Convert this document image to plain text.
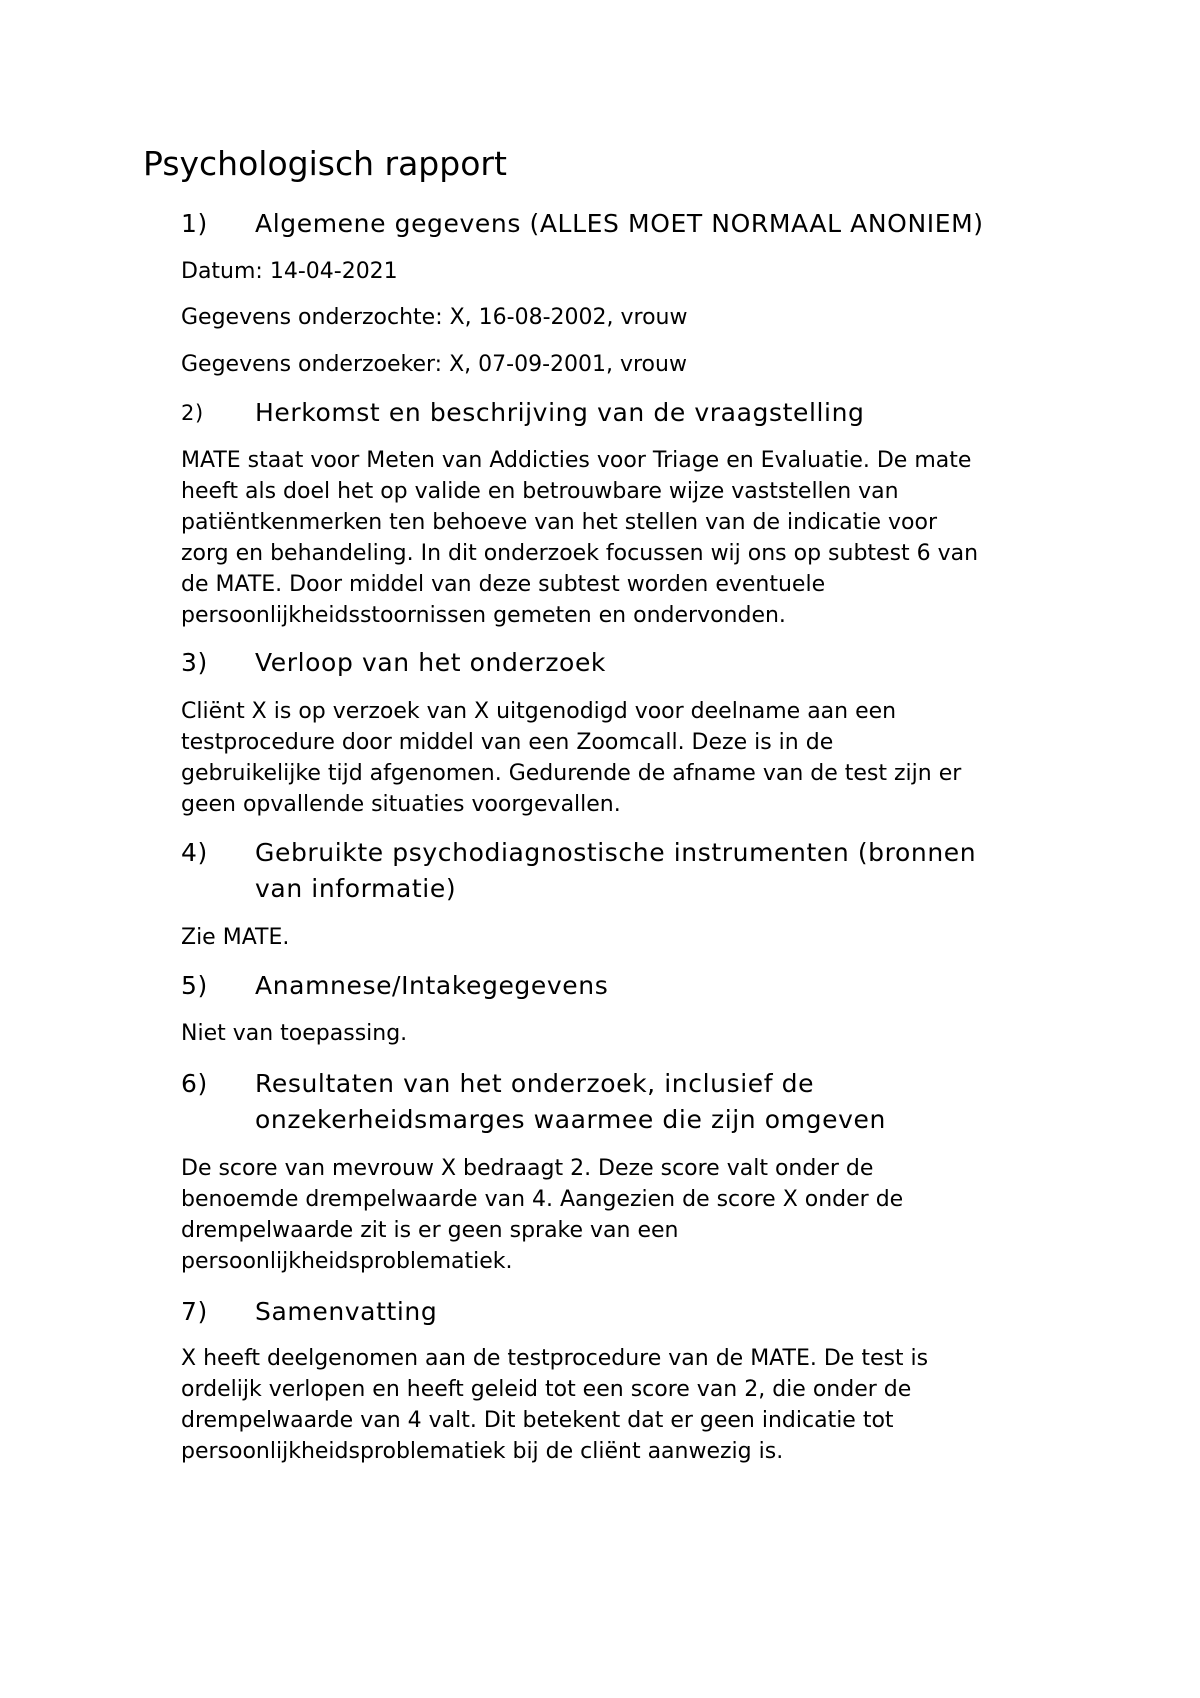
Psychologisch rapport
1) Algemene gegevens (ALLES MOET NORMAAL ANONIEM)

Datum: 14-04-2021

Gegevens onderzochte: X, 16-08-2002, vrouw

Gegevens onderzoeker: X, 07-09-2001, vrouw

2) Herkomst en beschrijving van de vraagstelling
MATE staat voor Meten van Addicties voor Triage en Evaluatie. De mate
heeft als doel het op valide en betrouwbare wijze vaststellen van
patiëntkenmerken ten behoeve van het stellen van de indicatie voor
zorg en behandeling. In dit onderzoek focussen wij ons op subtest 6 van
de MATE. Door middel van deze subtest worden eventuele
persoonlijkheidsstoornissen gemeten en ondervonden.
3) Verloop van het onderzoek
Cliënt X is op verzoek van X uitgenodigd voor deelname aan een
testprocedure door middel van een Zoomcall. Deze is in de
gebruikelijke tijd afgenomen. Gedurende de afname van de test zijn er
geen opvallende situaties voorgevallen.
4) Gebruikte psychodiagnostische instrumenten (bronnen
van informatie)

Zie MATE.

5) Anamnese/Intakegegevens

Niet van toepassing.

6) Resultaten van het onderzoek, inclusief de
onzekerheidsmarges waarmee die zijn omgeven
De score van mevrouw X bedraagt 2. Deze score valt onder de
benoemde drempelwaarde van 4. Aangezien de score X onder de
drempelwaarde zit is er geen sprake van een
persoonlijkheidsproblematiek.
7) Samenvatting
X heeft deelgenomen aan de testprocedure van de MATE. De test is
ordelijk verlopen en heeft geleid tot een score van 2, die onder de
drempelwaarde van 4 valt. Dit betekent dat er geen indicatie tot
persoonlijkheidsproblematiek bij de cliënt aanwezig is.
